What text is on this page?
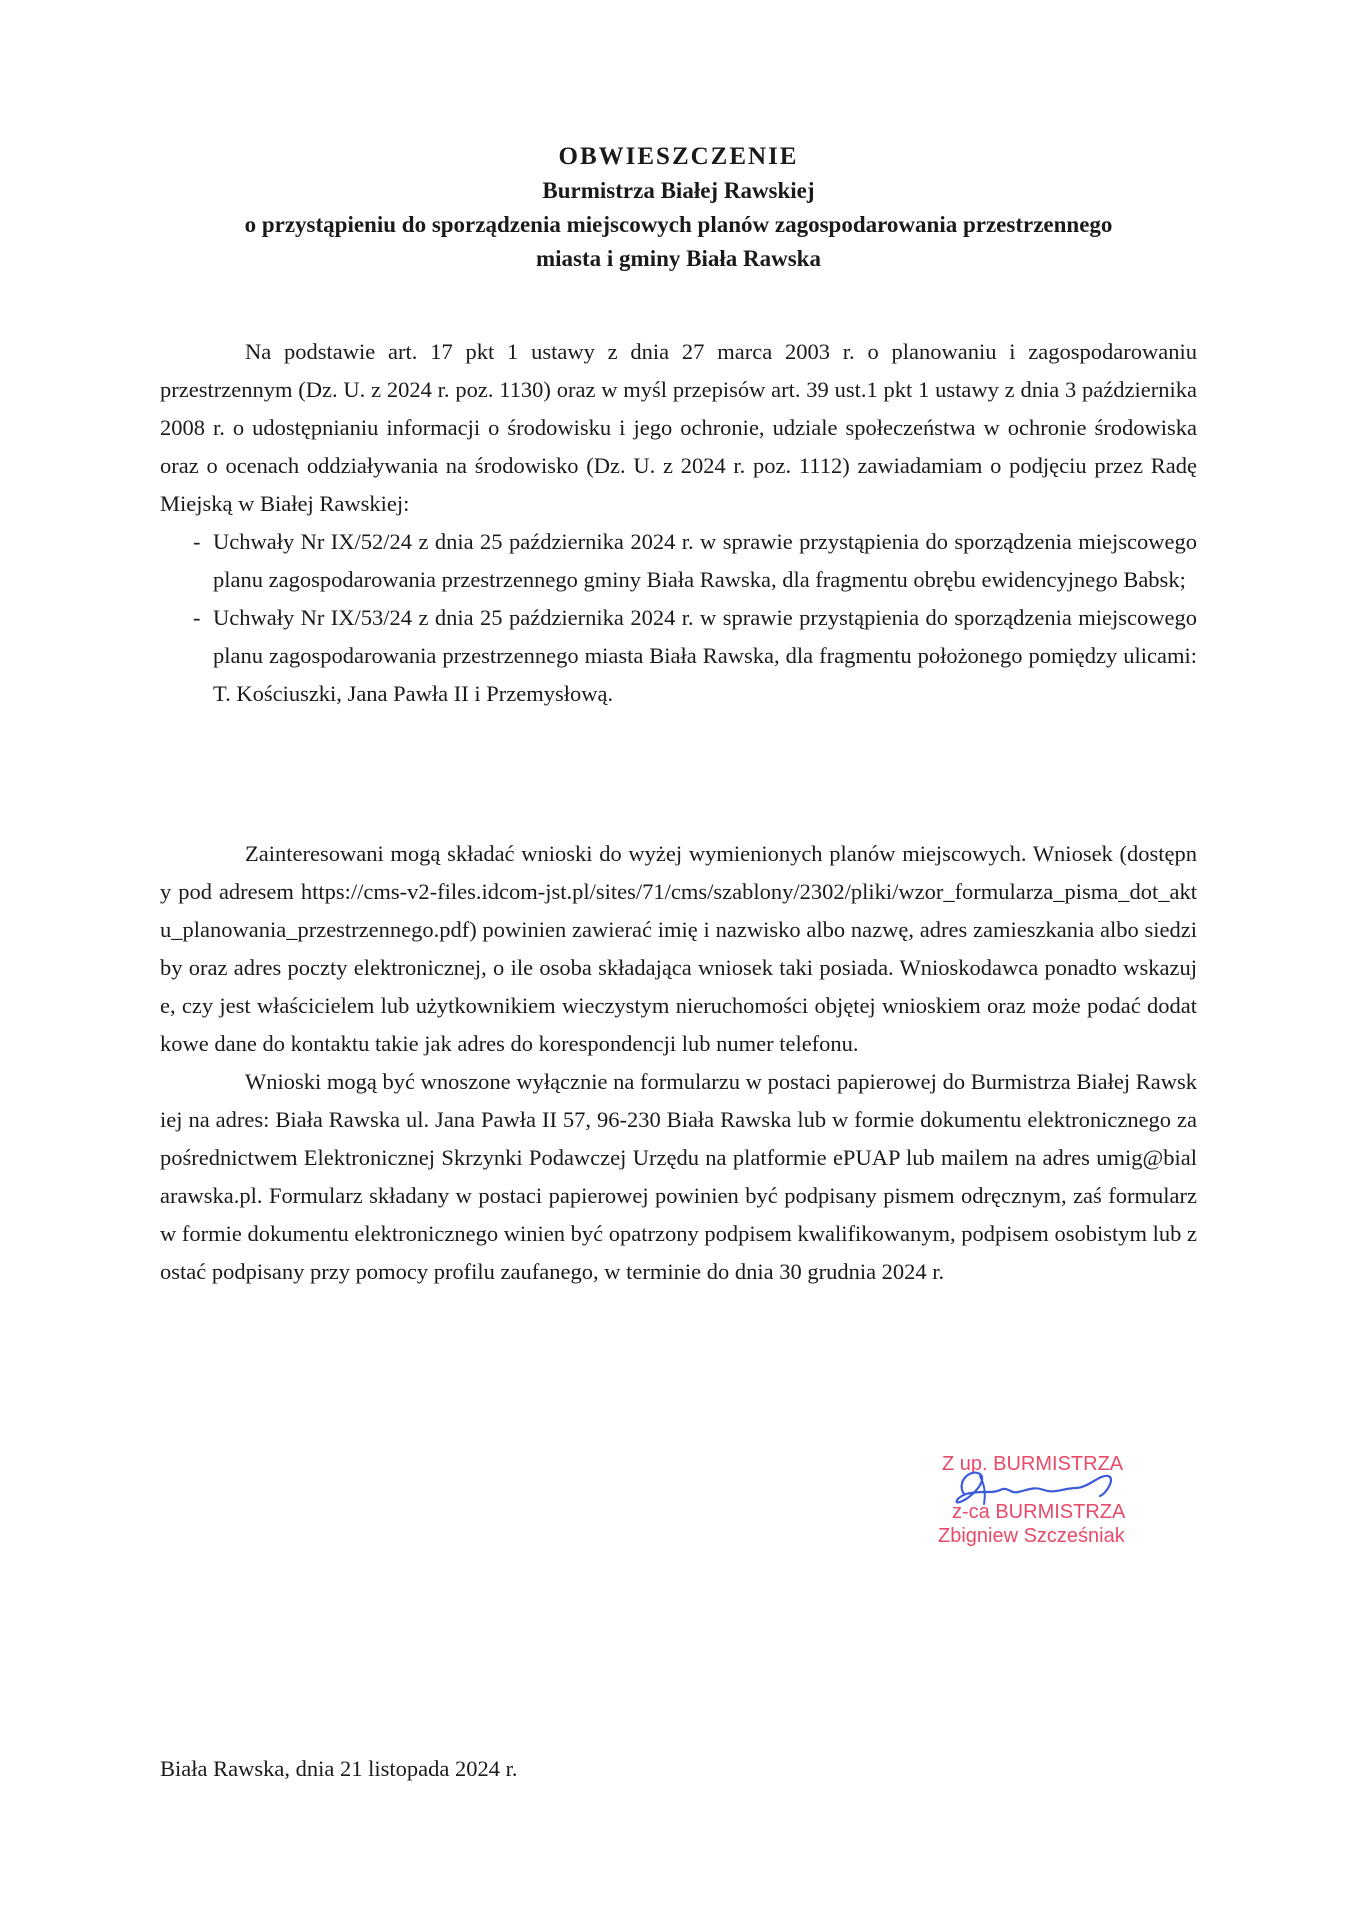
OBWIESZCZENIE
Burmistrza Białej Rawskiej
o przystąpieniu do sporządzenia miejscowych planów zagospodarowania przestrzennego
miasta i gminy Biała Rawska

Na podstawie art. 17 pkt 1 ustawy z dnia 27 marca 2003 r. o planowaniu i zagospodarowaniu przestrzennym (Dz. U. z 2024 r. poz. 1130) oraz w myśl przepisów art. 39 ust.1 pkt 1 ustawy z dnia 3 października 2008 r. o udostępnianiu informacji o środowisku i jego ochronie, udziale społeczeństwa w ochronie środowiska oraz o ocenach oddziaływania na środowisko (Dz. U. z 2024 r. poz. 1112) zawiadamiam o podjęciu przez Radę Miejską w Białej Rawskiej:

- Uchwały Nr IX/52/24 z dnia 25 października 2024 r. w sprawie przystąpienia do sporządzenia miejscowego planu zagospodarowania przestrzennego gminy Biała Rawska, dla fragmentu obrębu ewidencyjnego Babsk;
- Uchwały Nr IX/53/24 z dnia 25 października 2024 r. w sprawie przystąpienia do sporządzenia miejscowego planu zagospodarowania przestrzennego miasta Biała Rawska, dla fragmentu położonego pomiędzy ulicami: T. Kościuszki, Jana Pawła II i Przemysłową.

Zainteresowani mogą składać wnioski do wyżej wymienionych planów miejscowych. Wniosek (dostępny pod adresem https://cms-v2-files.idcom-jst.pl/sites/71/cms/szablony/2302/pliki/wzor_formularza_pisma_dot_aktu_planowania_przestrzennego.pdf) powinien zawierać imię i nazwisko albo nazwę, adres zamieszkania albo siedziby oraz adres poczty elektronicznej, o ile osoba składająca wniosek taki posiada. Wnioskodawca ponadto wskazuje, czy jest właścicielem lub użytkownikiem wieczystym nieruchomości objętej wnioskiem oraz może podać dodatkowe dane do kontaktu takie jak adres do korespondencji lub numer telefonu.

Wnioski mogą być wnoszone wyłącznie na formularzu w postaci papierowej do Burmistrza Białej Rawskiej na adres: Biała Rawska ul. Jana Pawła II 57, 96-230 Biała Rawska lub w formie dokumentu elektronicznego za pośrednictwem Elektronicznej Skrzynki Podawczej Urzędu na platformie ePUAP lub mailem na adres umig@bialarawska.pl. Formularz składany w postaci papierowej powinien być podpisany pismem odręcznym, zaś formularz w formie dokumentu elektronicznego winien być opatrzony podpisem kwalifikowanym, podpisem osobistym lub zostać podpisany przy pomocy profilu zaufanego, w terminie do dnia 30 grudnia 2024 r.

Z up. BURMISTRZA
z-ca BURMISTRZA
Zbigniew Szcześniak
Biała Rawska, dnia 21 listopada 2024 r.
